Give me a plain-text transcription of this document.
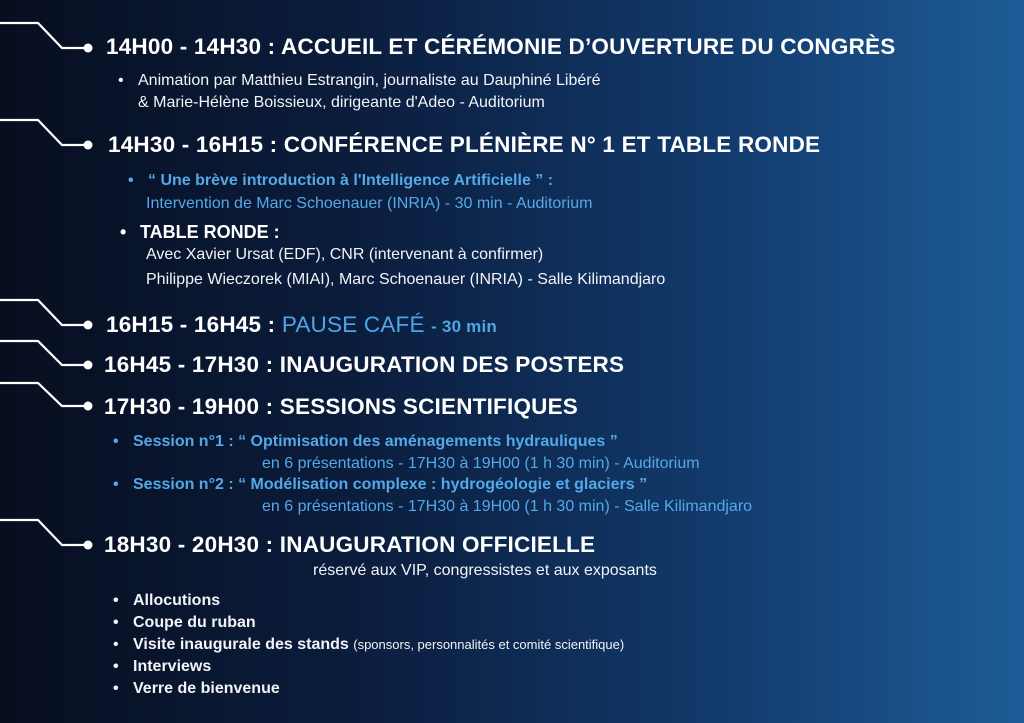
14H00 - 14H30 : ACCUEIL ET CÉRÉMONIE D’OUVERTURE DU CONGRÈS
• Animation par Matthieu Estrangin, journaliste au Dauphiné Libéré
& Marie-Hélène Boissieux, dirigeante d'Adeo - Auditorium
14H30 - 16H15 : CONFÉRENCE PLÉNIÈRE N° 1 ET TABLE RONDE
• “ Une brève introduction à l'Intelligence Artificielle ” :
Intervention de Marc Schoenauer (INRIA) - 30 min - Auditorium
• TABLE RONDE :
Avec Xavier Ursat (EDF), CNR (intervenant à confirmer)
Philippe Wieczorek (MIAI), Marc Schoenauer (INRIA) - Salle Kilimandjaro
16H15 - 16H45 : PAUSE CAFÉ - 30 min
16H45 - 17H30 : INAUGURATION DES POSTERS
17H30 - 19H00 : SESSIONS SCIENTIFIQUES
• Session n°1 : “ Optimisation des aménagements hydrauliques ”
en 6 présentations - 17H30 à 19H00 (1 h 30 min) - Auditorium
• Session n°2 : “ Modélisation complexe : hydrogéologie et glaciers ”
en 6 présentations - 17H30 à 19H00 (1 h 30 min) - Salle Kilimandjaro
18H30 - 20H30 : INAUGURATION OFFICIELLE
réservé aux VIP, congressistes et aux exposants
• Allocutions
• Coupe du ruban
• Visite inaugurale des stands (sponsors, personnalités et comité scientifique)
• Interviews
• Verre de bienvenue
